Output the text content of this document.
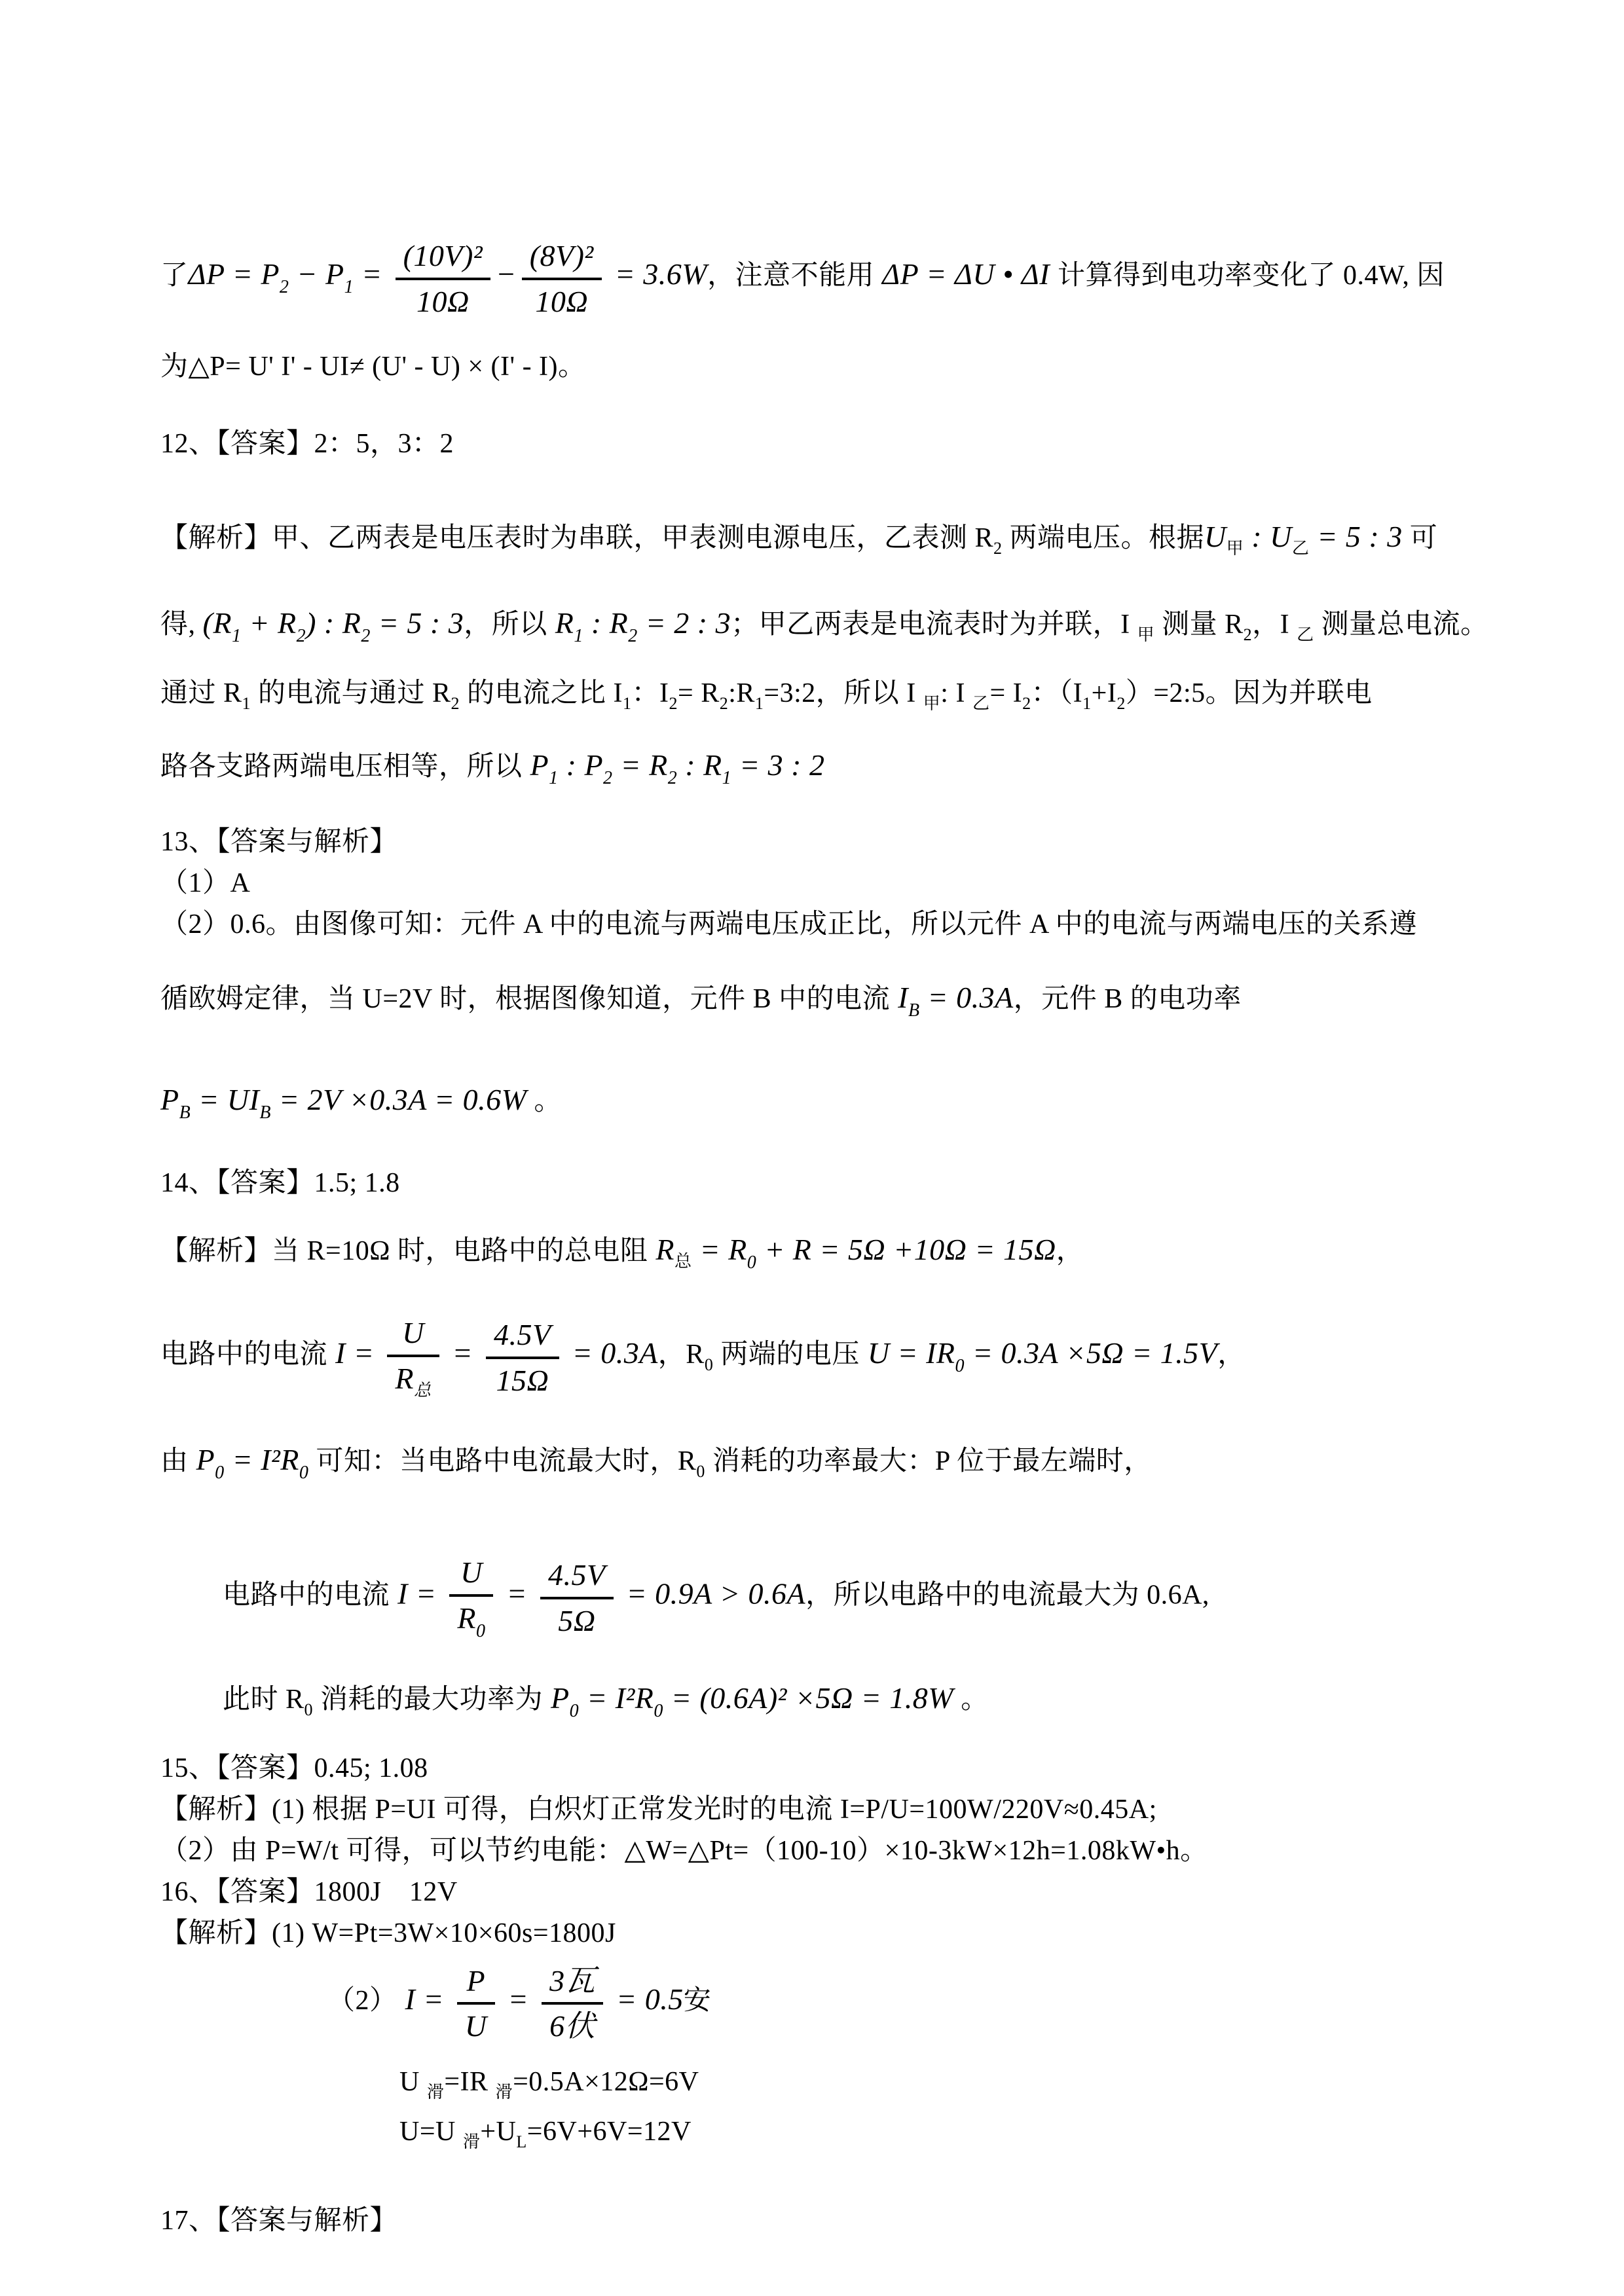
了$\Delta P = P_2 - P_1 = \frac{\text{(10V)²}}{10\Omega} - \frac{\text{(8V)²}}{10\Omega} = 3.6W$，注意不能用 ΔP = ΔU • ΔI 计算得到电功率变化了 0.4W, 因
为△P= U' I' - UI≠ (U' - U) × (I' - I)。
12、【答案】2：5，3：2
【解析】甲、乙两表是电压表时为串联，甲表测电源电压，乙表测 $R_2$ 两端电压。根据$U_甲$ : $U_乙 = 5$ : 3 可
得, $(R_1 + R_2)$ : $R_2 = 5$ : 3，所以 $R_1$ : $R_2 = 2$ : 3；甲乙两表是电流表时为并联，I $_甲$ 测量 $R_2$，I $_乙$ 测量总电流。
通过 $R_1$ 的电流与通过 $R_2$ 的电流之比 $I_1$：$I_2=$ $R_2:R_1=3:2$，所以 I $_甲$: I $_乙= I_2$：$(I_1+I_2)=2:5$。因为并联电
路各支路两端电压相等，所以 $P_1$ : $P_2 = R_2$ : $R_1 = 3$ : 2
13、【答案与解析】
（1）A
（2）0.6。由图像可知：元件 A 中的电流与两端电压成正比，所以元件 A 中的电流与两端电压的关系遵
循欧姆定律，当 U=2V 时，根据图像知道，元件 B 中的电流 $I_B = 0.3A$，元件 B 的电功率
$P_B = UI_B = 2V \times 0.3A = 0.6W$ 。
14、【答案】1.5; 1.8
【解析】当 R=10Ω 时，电路中的总电阻 $R_总 = R_0 + R = 5\Omega +10\Omega = 15\Omega$，
电路中的电流 $I = \frac{U}{R_总} = \frac{4.5V}{15\Omega} = 0.3A$，$R_0$ 两端的电压 $U = IR_0 = 0.3A \times 5\Omega = 1.5V$，
由 $P_0 = I^2R_0$ 可知：当电路中电流最大时，$R_0$ 消耗的功率最大：P 位于最左端时，
电路中的电流 $I = \frac{U}{R_0} = \frac{4.5V}{5\Omega} = 0.9A > 0.6A$，所以电路中的电流最大为 0.6A,
此时 $R_0$ 消耗的最大功率为 $P_0 = I^2R_0 = (0.6A)^2 \times 5\Omega = 1.8W$ 。
15、【答案】0.45; 1.08
【解析】(1) 根据 P=UI 可得，白炽灯正常发光时的电流 I=P/U=100W/220V≈0.45A;
（2）由 P=W/t 可得，可以节约电能：△W=△Pt=（100-10）×10-3kW×12h=1.08kW•h。
16、【答案】1800J　12V
【解析】(1) W=Pt=3W×10×60s=1800J
（2） $I = \frac{P}{U} = \frac{\text{3瓦}}{\text{6伏}} = 0.5$安
U $_滑$=IR $_滑$=0.5A×12Ω=6V
U=U $_滑+U_L=6V+6V=12V$
17、【答案与解析】
